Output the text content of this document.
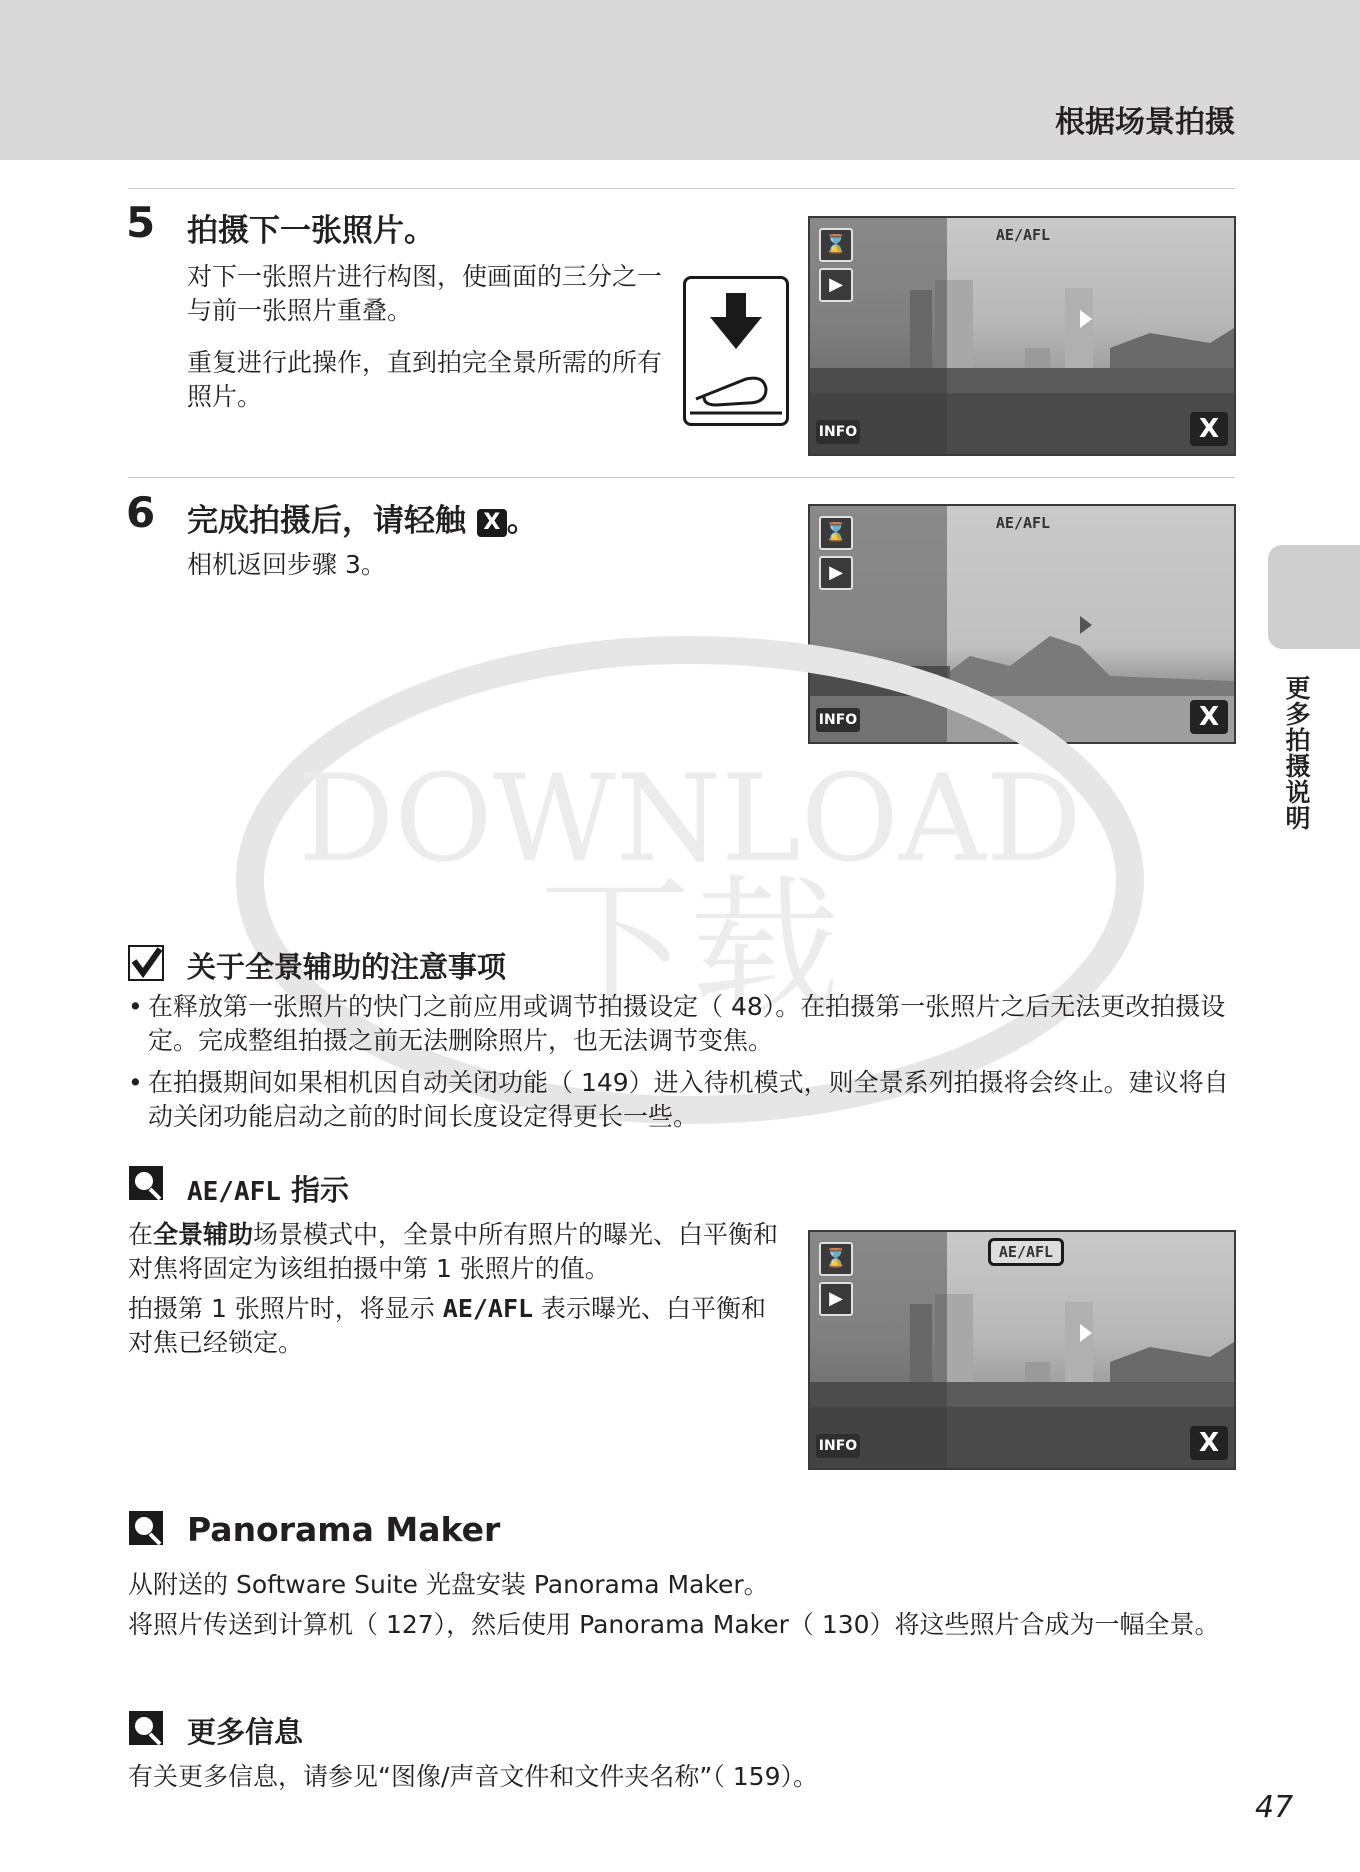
根据场景拍摄
更多拍摄说明
5 拍摄下一张照片。
对下一张照片进行构图，使画面的三分之一与前一张照片重叠。
重复进行此操作，直到拍完全景所需的所有照片。
AE/AFL
⌛
▶
INFO	X
6 完成拍摄后，请轻触 X 。
相机返回步骤 3。
AE/AFL
⌛
▶
INFO	X
DOWNLOAD
下载
关于全景辅助的注意事项
• 在释放第一张照片的快门之前应用或调节拍摄设定（ 48）。在拍摄第一张照片之后无法更改拍摄设定。完成整组拍摄之前无法删除照片，也无法调节变焦。
• 在拍摄期间如果相机因自动关闭功能（ 149）进入待机模式，则全景系列拍摄将会终止。建议将自动关闭功能启动之前的时间长度设定得更长一些。
AE/AFL 指示
在全景辅助场景模式中，全景中所有照片的曝光、白平衡和对焦将固定为该组拍摄中第 1 张照片的值。
拍摄第 1 张照片时，将显示 AE/AFL 表示曝光、白平衡和对焦已经锁定。
AE/AFL
⌛
▶
INFO	X
Panorama Maker
从附送的 Software Suite 光盘安装 Panorama Maker。
将照片传送到计算机（ 127），然后使用 Panorama Maker（ 130）将这些照片合成为一幅全景。
更多信息
有关更多信息，请参见“图像/声音文件和文件夹名称”（ 159）。
47
